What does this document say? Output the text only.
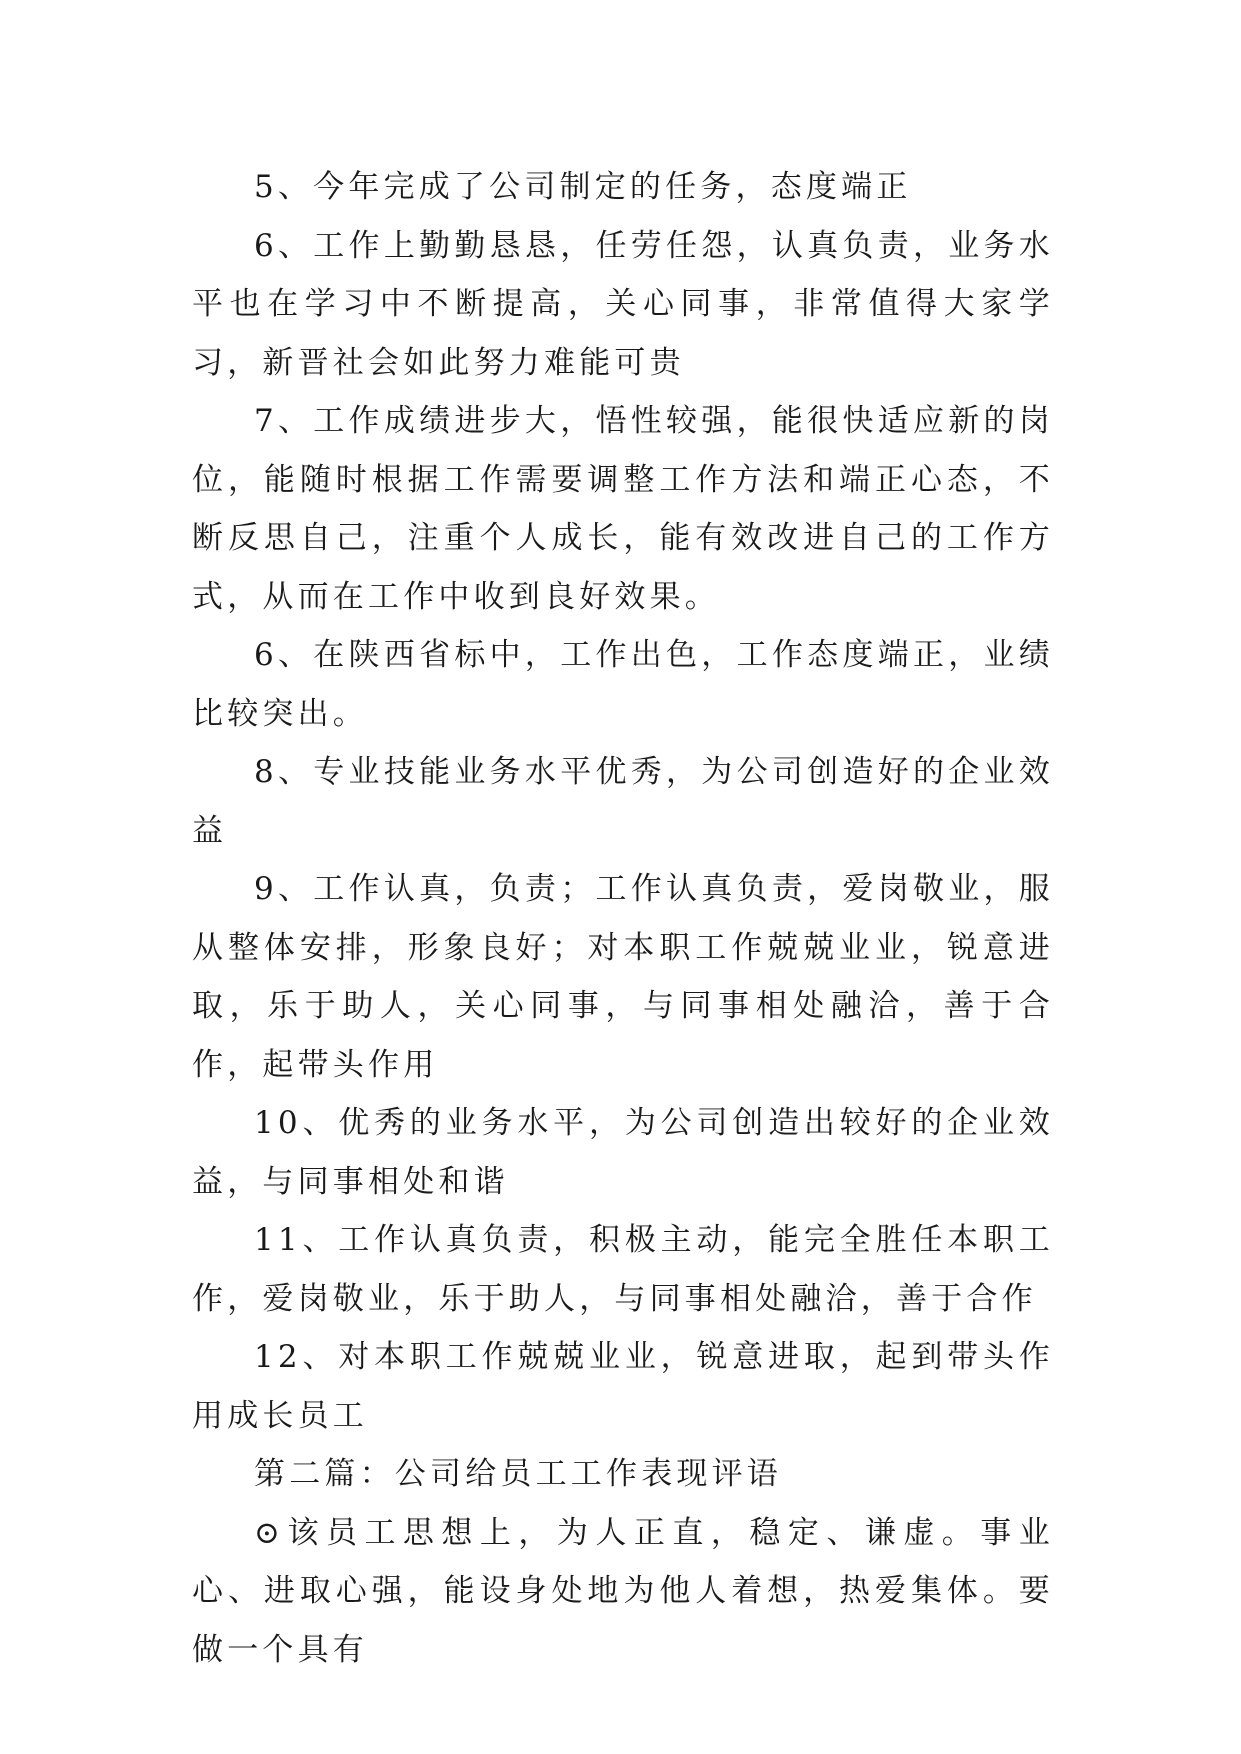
5、今年完成了公司制定的任务，态度端正

6、工作上勤勤恳恳，任劳任怨，认真负责，业务水平也在学习中不断提高，关心同事，非常值得大家学习，新晋社会如此努力难能可贵

7、工作成绩进步大，悟性较强，能很快适应新的岗位，能随时根据工作需要调整工作方法和端正心态，不断反思自己，注重个人成长，能有效改进自己的工作方式，从而在工作中收到良好效果。

6、在陕西省标中，工作出色，工作态度端正，业绩比较突出。

8、专业技能业务水平优秀，为公司创造好的企业效益

9、工作认真，负责；工作认真负责，爱岗敬业，服从整体安排，形象良好；对本职工作兢兢业业，锐意进取，乐于助人，关心同事，与同事相处融洽，善于合作，起带头作用

10、优秀的业务水平，为公司创造出较好的企业效益，与同事相处和谐

11、工作认真负责，积极主动，能完全胜任本职工作，爱岗敬业，乐于助人，与同事相处融洽，善于合作

12、对本职工作兢兢业业，锐意进取，起到带头作用成长员工

第二篇：公司给员工工作表现评语

⊙该员工思想上，为人正直，稳定、谦虚。事业心、进取心强，能设身处地为他人着想，热爱集体。要做一个具有
